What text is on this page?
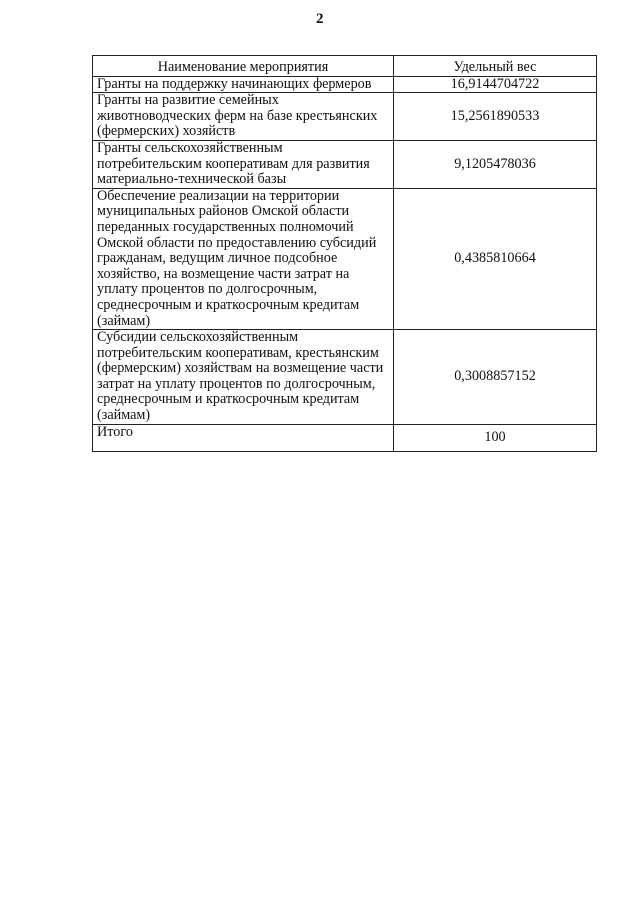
2
Наименование мероприятия	Удельный вес
Гранты на поддержку начинающих фермеров	16,9144704722
Гранты на развитие семейных животноводческих ферм на базе крестьянских (фермерских) хозяйств	15,2561890533
Гранты сельскохозяйственным потребительским кооперативам для развития материально-технической базы	9,1205478036
Обеспечение реализации на территории муниципальных районов Омской области переданных государственных полномочий Омской области по предоставлению субсидий гражданам, ведущим личное подсобное хозяйство, на возмещение части затрат на уплату процентов по долгосрочным, среднесрочным и краткосрочным кредитам (займам)	0,4385810664
Субсидии сельскохозяйственным потребительским кооперативам, крестьянским (фермерским) хозяйствам на возмещение части затрат на уплату процентов по долгосрочным, среднесрочным и краткосрочным кредитам (займам)	0,3008857152
Итого	100
